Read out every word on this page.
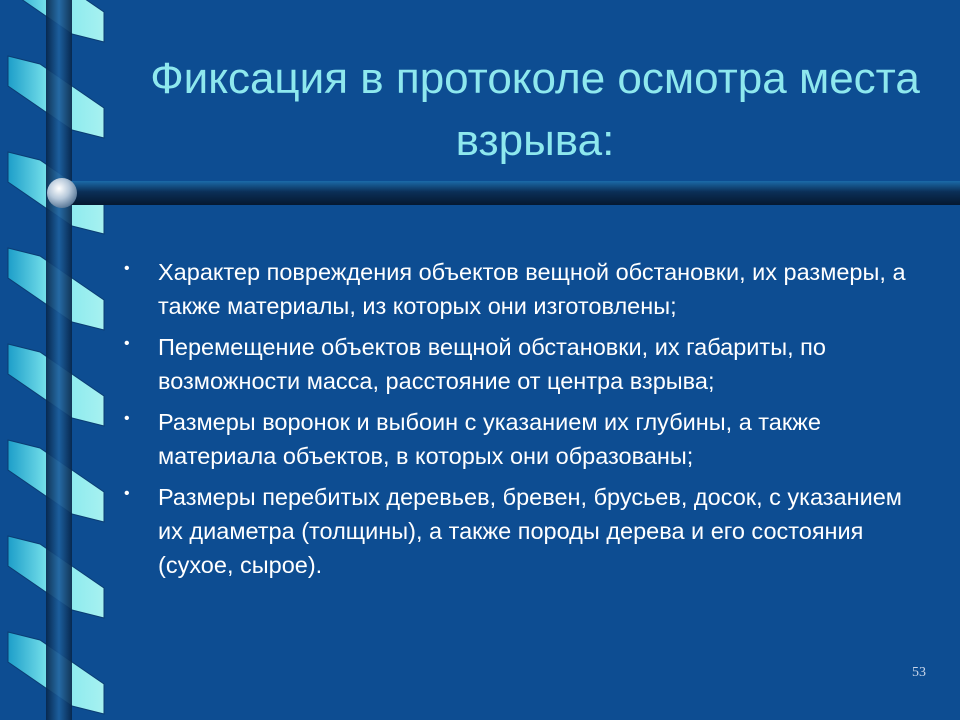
Фиксация в протоколе осмотра места взрыва:
• Характер повреждения объектов вещной обстановки, их размеры, а также материалы, из которых они изготовлены;
• Перемещение объектов вещной обстановки, их габариты, по возможности масса, расстояние от центра взрыва;
• Размеры воронок и выбоин с указанием их глубины, а также материала объектов, в которых они образованы;
• Размеры перебитых деревьев, бревен, брусьев, досок, с указанием их диаметра (толщины), а также породы дерева и его состояния (сухое, сырое).
53
